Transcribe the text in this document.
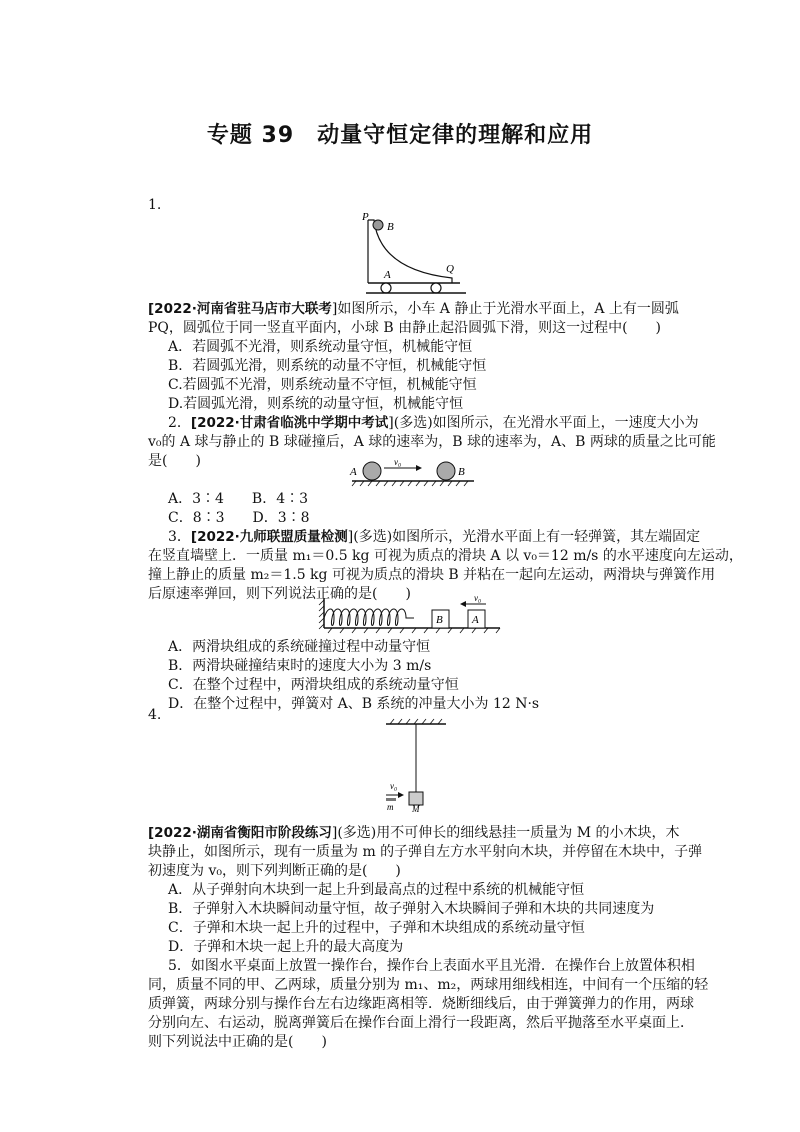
专题 39　动量守恒定律的理解和应用
1.
P
B
A	Q
[2022·河南省驻马店市大联考]如图所示，小车 A 静止于光滑水平面上，A 上有一圆弧
PQ，圆弧位于同一竖直平面内，小球 B 由静止起沿圆弧下滑，则这一过程中(　　)
A．若圆弧不光滑，则系统动量守恒，机械能守恒
B．若圆弧光滑，则系统的动量不守恒，机械能守恒
C.若圆弧不光滑，则系统动量不守恒，机械能守恒
D.若圆弧光滑，则系统的动量守恒，机械能守恒
2．[2022·甘肃省临洮中学期中考试](多选)如图所示，在光滑水平面上，一速度大小为
v₀的 A 球与静止的 B 球碰撞后，A 球的速率为，B 球的速率为，A、B 两球的质量之比可能
是(　　)
A
v₀
B
A．3∶4　　B．4∶3
C．8∶3　　D．3∶8
3．[2022·九师联盟质量检测](多选)如图所示，光滑水平面上有一轻弹簧，其左端固定
在竖直墙壁上．一质量 m₁＝0.5 kg 可视为质点的滑块 A 以 v₀＝12 m/s 的水平速度向左运动，
撞上静止的质量 m₂＝1.5 kg 可视为质点的滑块 B 并粘在一起向左运动，两滑块与弹簧作用
后原速率弹回，则下列说法正确的是(　　)
B	A
v₀
A．两滑块组成的系统碰撞过程中动量守恒
B．两滑块碰撞结束时的速度大小为 3 m/s
C．在整个过程中，两滑块组成的系统动量守恒
D．在整个过程中，弹簧对 A、B 系统的冲量大小为 12 N·s
4.
v₀
m M
[2022·湖南省衡阳市阶段练习](多选)用不可伸长的细线悬挂一质量为 M 的小木块，木
块静止，如图所示，现有一质量为 m 的子弹自左方水平射向木块，并停留在木块中，子弹
初速度为 v₀，则下列判断正确的是(　　)
A．从子弹射向木块到一起上升到最高点的过程中系统的机械能守恒
B．子弹射入木块瞬间动量守恒，故子弹射入木块瞬间子弹和木块的共同速度为
C．子弹和木块一起上升的过程中，子弹和木块组成的系统动量守恒
D．子弹和木块一起上升的最大高度为
5．如图水平桌面上放置一操作台，操作台上表面水平且光滑．在操作台上放置体积相
同，质量不同的甲、乙两球，质量分别为 m₁、m₂，两球用细线相连，中间有一个压缩的轻
质弹簧，两球分别与操作台左右边缘距离相等．烧断细线后，由于弹簧弹力的作用，两球
分别向左、右运动，脱离弹簧后在操作台面上滑行一段距离，然后平抛落至水平桌面上．
则下列说法中正确的是(　　)
